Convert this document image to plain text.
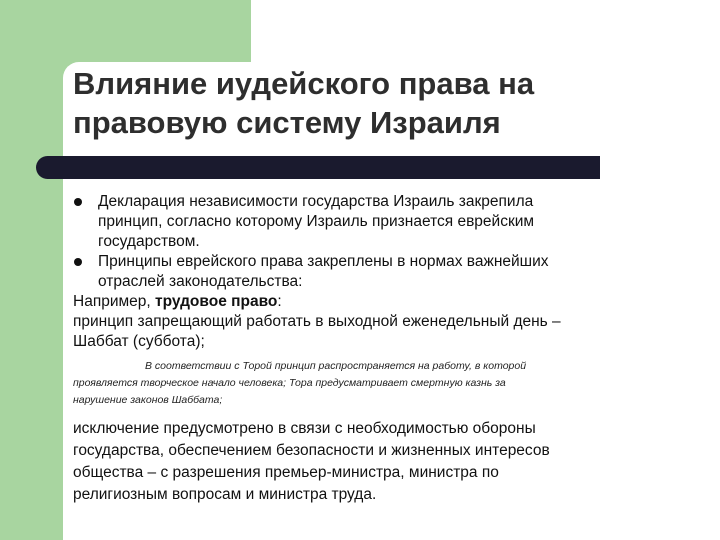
Влияние иудейского права на
правовую систему Израиля
Декларация независимости государства Израиль закрепила
принцип, согласно которому Израиль признается еврейским
государством.
Принципы еврейского права закреплены в нормах важнейших
отраслей законодательства:

Например, трудовое право:

принцип запрещающий работать в выходной еженедельный день –
Шаббат (суббота);

В соответствии с Торой принцип распространяется на работу, в которой
проявляется творческое начало человека; Тора предусматривает смертную казнь за
нарушение законов Шаббата;

исключение предусмотрено в связи с необходимостью обороны
государства, обеспечением безопасности и жизненных интересов
общества – с разрешения премьер-министра, министра по
религиозным вопросам и министра труда.
